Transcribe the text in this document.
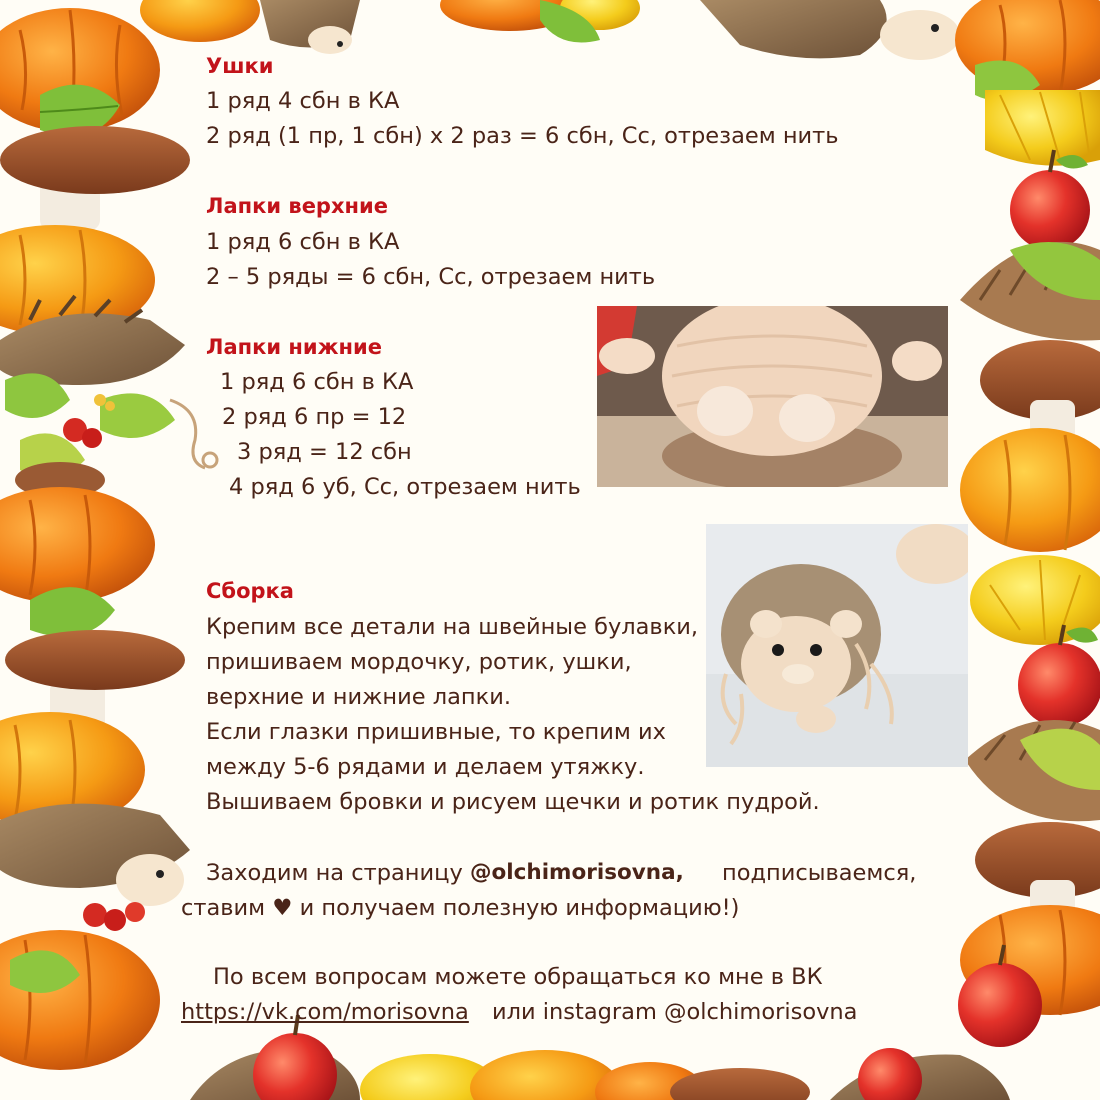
Ушки
1 ряд 4 сбн в КА
2 ряд (1 пр, 1 сбн) х 2 раз = 6 сбн, Сс, отрезаем нить
Лапки верхние
1 ряд 6 сбн в КА
2 – 5 ряды = 6 сбн, Сс, отрезаем нить
Лапки нижние
1 ряд 6 сбн в КА
2 ряд 6 пр = 12
3 ряд = 12 сбн
4 ряд 6 уб, Сс, отрезаем нить
Сборка
Крепим все детали на швейные булавки,
пришиваем мордочку, ротик, ушки,
верхние и нижние лапки.
Если глазки пришивные, то крепим их
между 5-6 рядами и делаем утяжку.
Вышиваем бровки и рисуем щечки и ротик пудрой.
Заходим на страницу @olchimorisovna, подписываемся,
ставим ♥ и получаем полезную информацию!)
По всем вопросам можете обращаться ко мне в ВК
https://vk.com/morisovna или instagram @olchimorisovna
